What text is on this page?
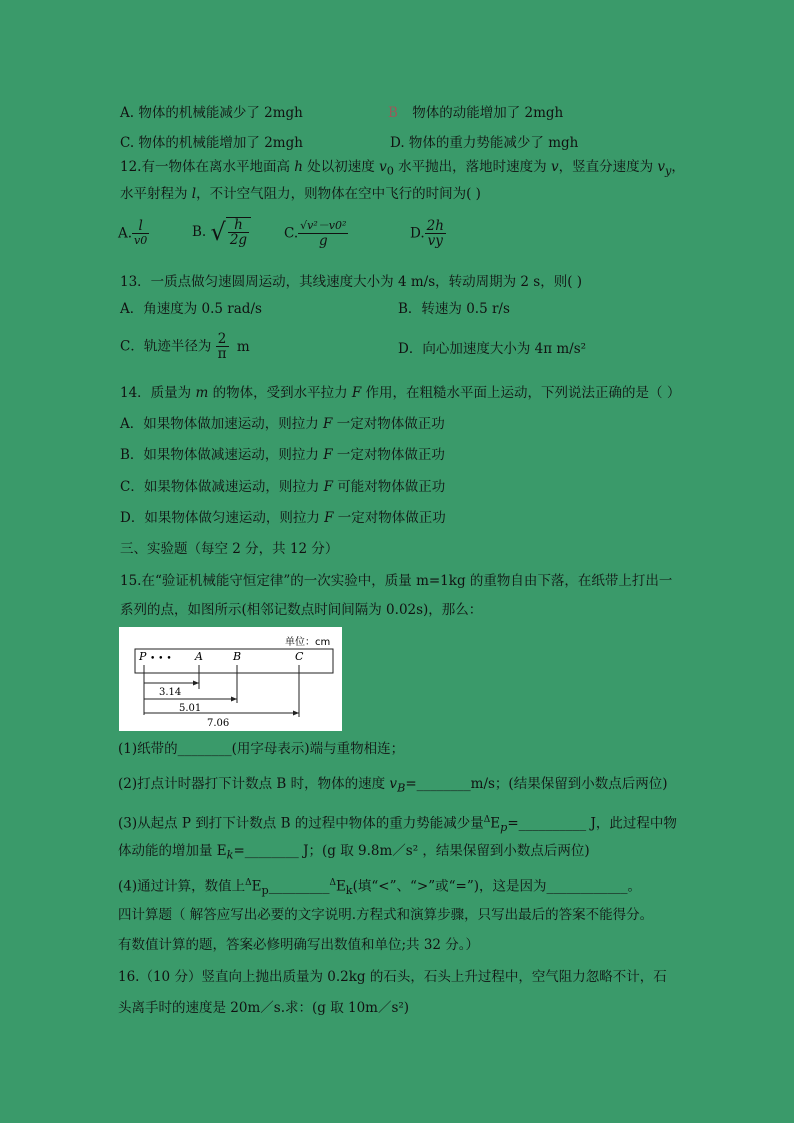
A. 物体的机械能减少了 2mgh	B 物体的动能增加了 2mgh
C. 物体的机械能增加了 2mgh	D. 物体的重力势能减少了 mgh
12.有一物体在离水平地面高 h 处以初速度 $v_0$ 水平抛出，落地时速度为 v，竖直分速度为 $v_y$，
水平射程为 l，不计空气阻力，则物体在空中飞行的时间为( )
A. $\frac{l}{v0}$	B. √ $\frac{h}{2g} C$. $\frac{\text{√v²－v0²}}{g}$	D. $\frac{2h}{vy}$
13．一质点做匀速圆周运动，其线速度大小为 4 m/s，转动周期为 2 s，则( )
A．角速度为 0.5 rad/s	B．转速为 0.5 r/s
C．轨迹半径为 $\frac{2}{\pi}$ m	D．向心加速度大小为 4π m/s²
14．质量为 m 的物体，受到水平拉力 F 作用，在粗糙水平面上运动，下列说法正确的是（ ）
A．如果物体做加速运动，则拉力 F 一定对物体做正功
B．如果物体做减速运动，则拉力 F 一定对物体做正功
C．如果物体做减速运动，则拉力 F 可能对物体做正功
D．如果物体做匀速运动，则拉力 F 一定对物体做正功
三、实验题（每空 2 分，共 12 分）
15.在“验证机械能守恒定律”的一次实验中，质量 m=1kg 的重物自由下落，在纸带上打出一
系列的点，如图所示(相邻记数点时间间隔为 0.02s)，那么：
单位：cm
P • • • A	B	C
3.14
5.01
7.06
(1)纸带的________(用字母表示)端与重物相连；
(2)打点计时器打下计数点 B 时，物体的速度 $v_B=\_\_\_\_\_\_\_\_m/s$；(结果保留到小数点后两位)
(3)从起点 P 到打下计数点 B 的过程中物体的重力势能减少量$^\Delta E_p=\_\_\_\_\_\_\_\_\_\_$ J，此过程中物
体动能的增加量 $E_k=\_\_\_\_\_\_\_\_$ J；(g 取 9.8m／s² ，结果保留到小数点后两位)
(4)通过计算，数值上$^\Delta E_p\_\_\_\_\_\_\_\_\_^\Delta E_k$(填“<”、“>”或“=”)，这是因为____________。
四计算题（ 解答应写出必要的文字说明.方程式和演算步骤，只写出最后的答案不能得分。
有数值计算的题，答案必修明确写出数值和单位;共 32 分。）
16.（10 分）竖直向上抛出质量为 0.2kg 的石头，石头上升过程中，空气阻力忽略不计，石
头离手时的速度是 20m／s.求：(g 取 10m／s²)
